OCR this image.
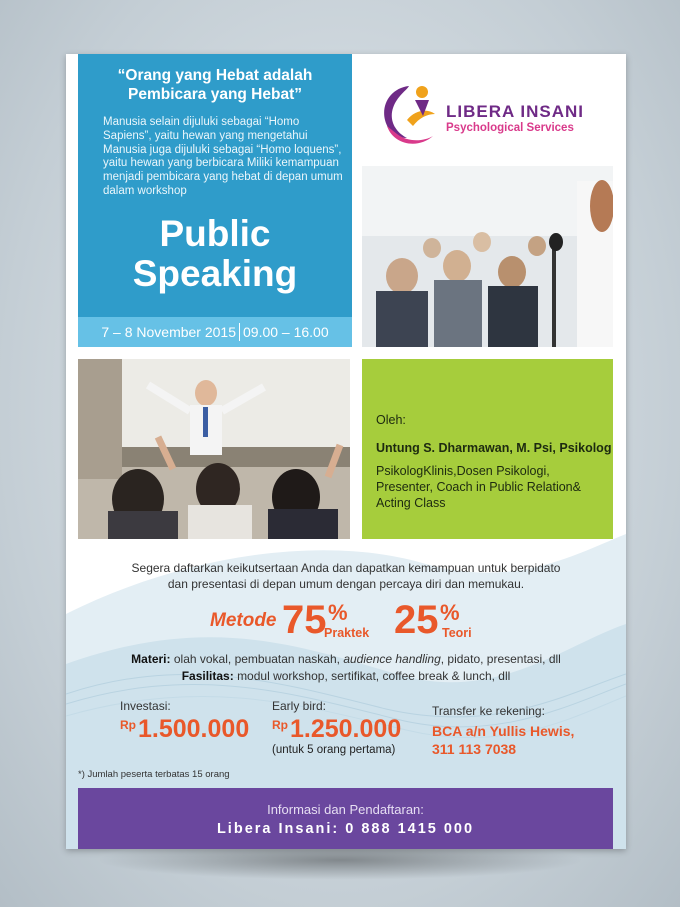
“Orang yang Hebat adalah Pembicara yang Hebat”
Manusia selain dijuluki sebagai “Homo Sapiens”, yaitu hewan yang mengetahui Manusia juga dijuluki sebagai “Homo loquens”, yaitu hewan yang berbicara Miliki kemampuan menjadi pembicara yang hebat di depan umum dalam workshop
Public
Speaking
7 – 8 November 2015 09.00 – 16.00
LIBERA INSANI
Psychological Services
Oleh:
Untung S. Dharmawan, M. Psi, Psikolog
PsikologKlinis,Dosen Psikologi, Presenter, Coach in Public Relation& Acting Class
Segera daftarkan keikutsertaan Anda dan dapatkan kemampuan untuk berpidato
dan presentasi di depan umum dengan percaya diri dan memukau.
Metode 75 %
Praktek 25 %
Teori
Materi: olah vokal, pembuatan naskah, audience handling, pidato, presentasi, dll
Fasilitas: modul workshop, sertifikat, coffee break & lunch, dll
Investasi:
$^{Rp}$1.500.000
Early bird:
$^{Rp}$1.250.000
(untuk 5 orang pertama)
Transfer ke rekening:
BCA a/n Yullis Hewis,
311 113 7038
*) Jumlah peserta terbatas 15 orang
Informasi dan Pendaftaran:
Libera Insani: 0 888 1415 000
